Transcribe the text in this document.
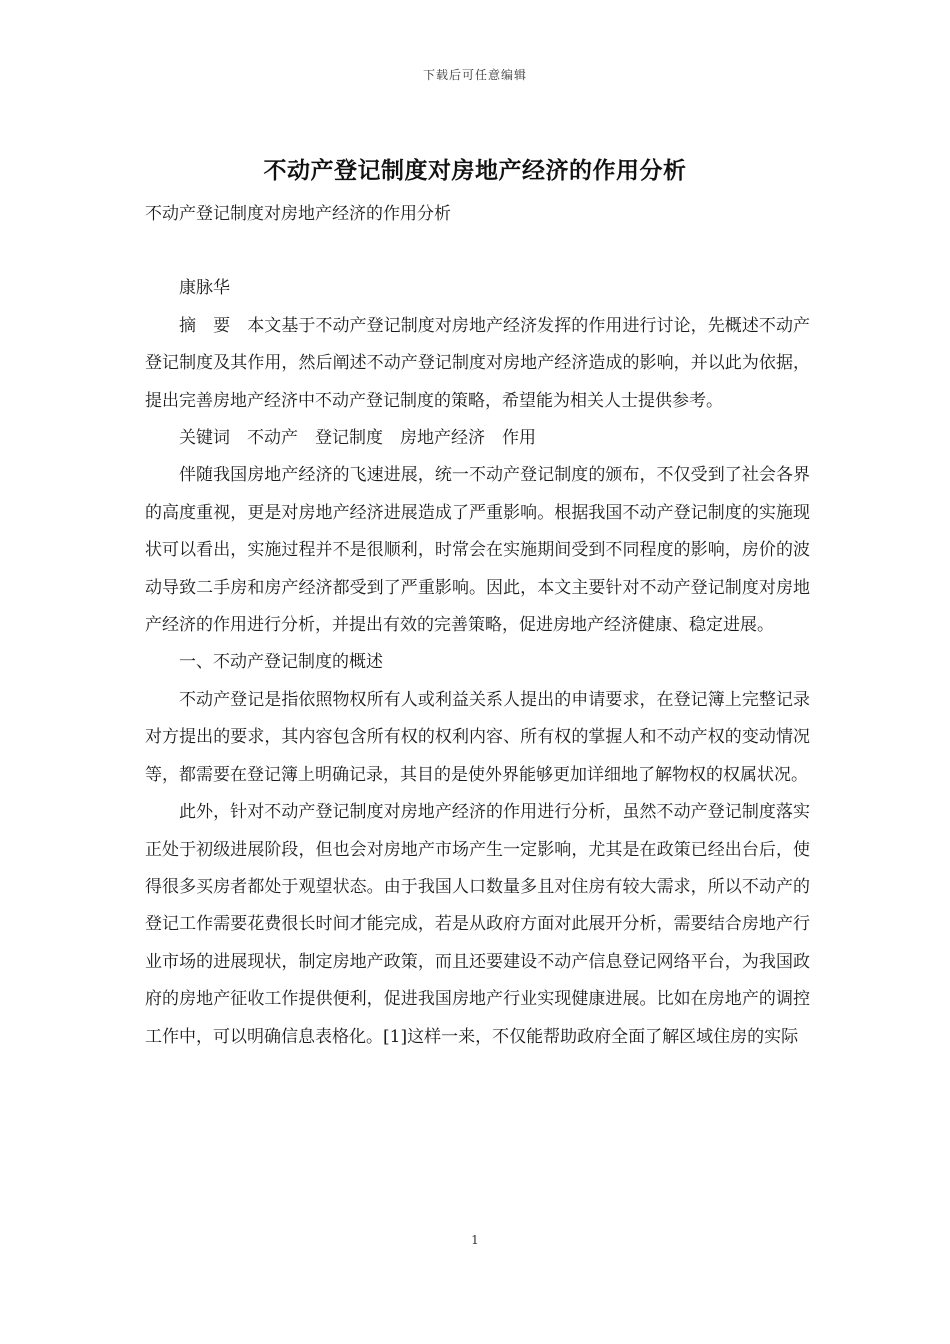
下载后可任意编辑
不动产登记制度对房地产经济的作用分析

不动产登记制度对房地产经济的作用分析

康脉华

摘　要　本文基于不动产登记制度对房地产经济发挥的作用进行讨论，先概述不动产登记制度及其作用，然后阐述不动产登记制度对房地产经济造成的影响，并以此为依据，提出完善房地产经济中不动产登记制度的策略，希望能为相关人士提供参考。

关键词　不动产　登记制度　房地产经济　作用

伴随我国房地产经济的飞速进展，统一不动产登记制度的颁布，不仅受到了社会各界的高度重视，更是对房地产经济进展造成了严重影响。根据我国不动产登记制度的实施现状可以看出，实施过程并不是很顺利，时常会在实施期间受到不同程度的影响，房价的波动导致二手房和房产经济都受到了严重影响。因此，本文主要针对不动产登记制度对房地产经济的作用进行分析，并提出有效的完善策略，促进房地产经济健康、稳定进展。

一、不动产登记制度的概述

不动产登记是指依照物权所有人或利益关系人提出的申请要求，在登记簿上完整记录对方提出的要求，其内容包含所有权的权利内容、所有权的掌握人和不动产权的变动情况等，都需要在登记簿上明确记录，其目的是使外界能够更加详细地了解物权的权属状况。

此外，针对不动产登记制度对房地产经济的作用进行分析，虽然不动产登记制度落实正处于初级进展阶段，但也会对房地产市场产生一定影响，尤其是在政策已经出台后，使得很多买房者都处于观望状态。由于我国人口数量多且对住房有较大需求，所以不动产的登记工作需要花费很长时间才能完成，若是从政府方面对此展开分析，需要结合房地产行业市场的进展现状，制定房地产政策，而且还要建设不动产信息登记网络平台，为我国政府的房地产征收工作提供便利，促进我国房地产行业实现健康进展。比如在房地产的调控工作中，可以明确信息表格化。[1]这样一来，不仅能帮助政府全面了解区域住房的实际

1
